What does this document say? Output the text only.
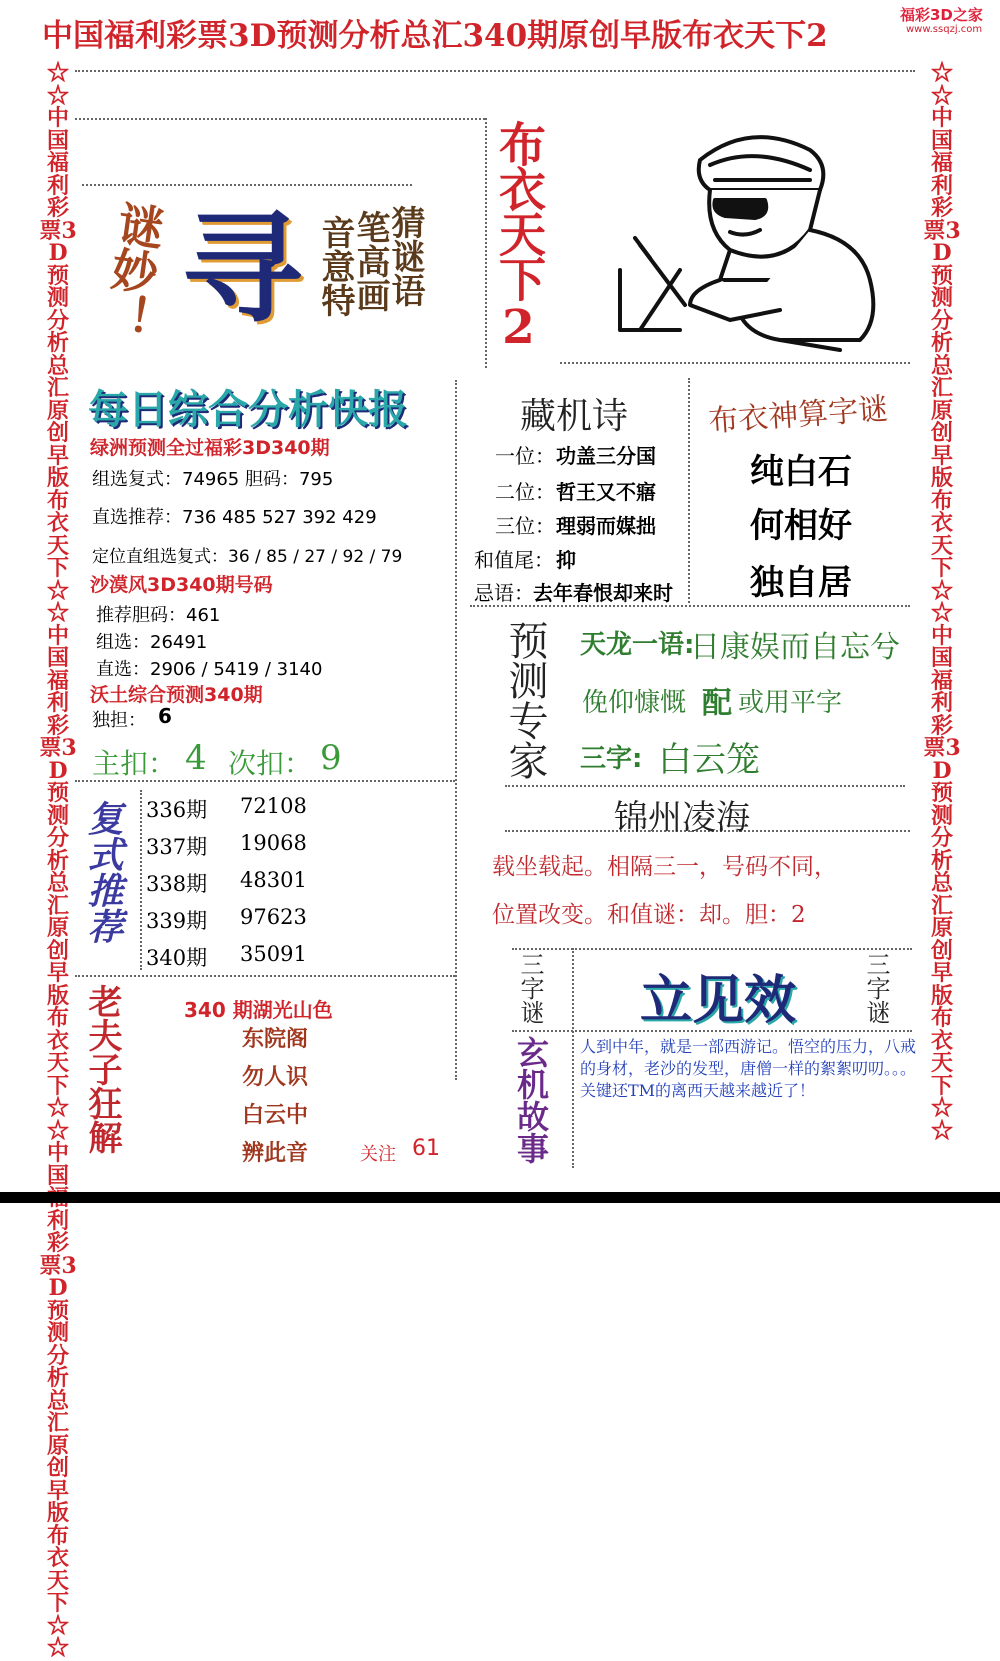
中国福利彩票3D预测分析总汇340期原创早版布衣天下2
福彩3D之家
www.ssqzj.com
☆☆中国福利彩票3D预测分析总汇原创早版布衣天下☆☆中国福利彩票3D预测分析总汇原创早版布衣天下☆☆中国 利彩票3D预测分析总汇原创早版布衣天下☆☆
☆☆中国福利彩票3D预测分析总汇原创早版布衣天下☆☆中国福利彩票3D预测分析总汇原创早版布衣天下☆☆
布衣天下2
谜妙！ 寻 猜谜语
笔高画
音意特
每日综合分析快报
绿洲预测全过福彩3D340期
组选复式：74965 胆码：795
直选推荐：736 485 527 392 429
定位直组选复式：36 / 85 / 27 / 92 / 79
沙漠风3D340期号码
推荐胆码：461
组选：26491
直选：2906 / 5419 / 3140
沃土综合预测340期
独担： 6
主扣： 4 次扣： 9
藏机诗
一位： 功盖三分国
二位： 哲王又不寤
三位： 理弱而媒拙
和值尾： 抑
忌语： 去年春恨却来时
布衣神算字谜
纯白石
何相好
独自居
预测专家 天龙一语:
日康娱而自忘兮
俛仰慷慨 配 或用平字
三字: 白云笼
锦州凌海
载坐载起。相隔三一，号码不同，
位置改变。和值谜：却。胆：2
复式推荐 336期 72108
337期 19068
338期 48301
339期 97623
340期 35091
老夫子狂解	340 期湖光山色
东院阁
勿人识
白云中
辨此音	关注 61
三字谜 立见效	三字谜
玄机故事 人到中年，就是一部西游记。悟空的压力，八戒的身材，老沙的发型，唐僧一样的絮絮叨叨。。。关键还TM的离西天越来越近了！
